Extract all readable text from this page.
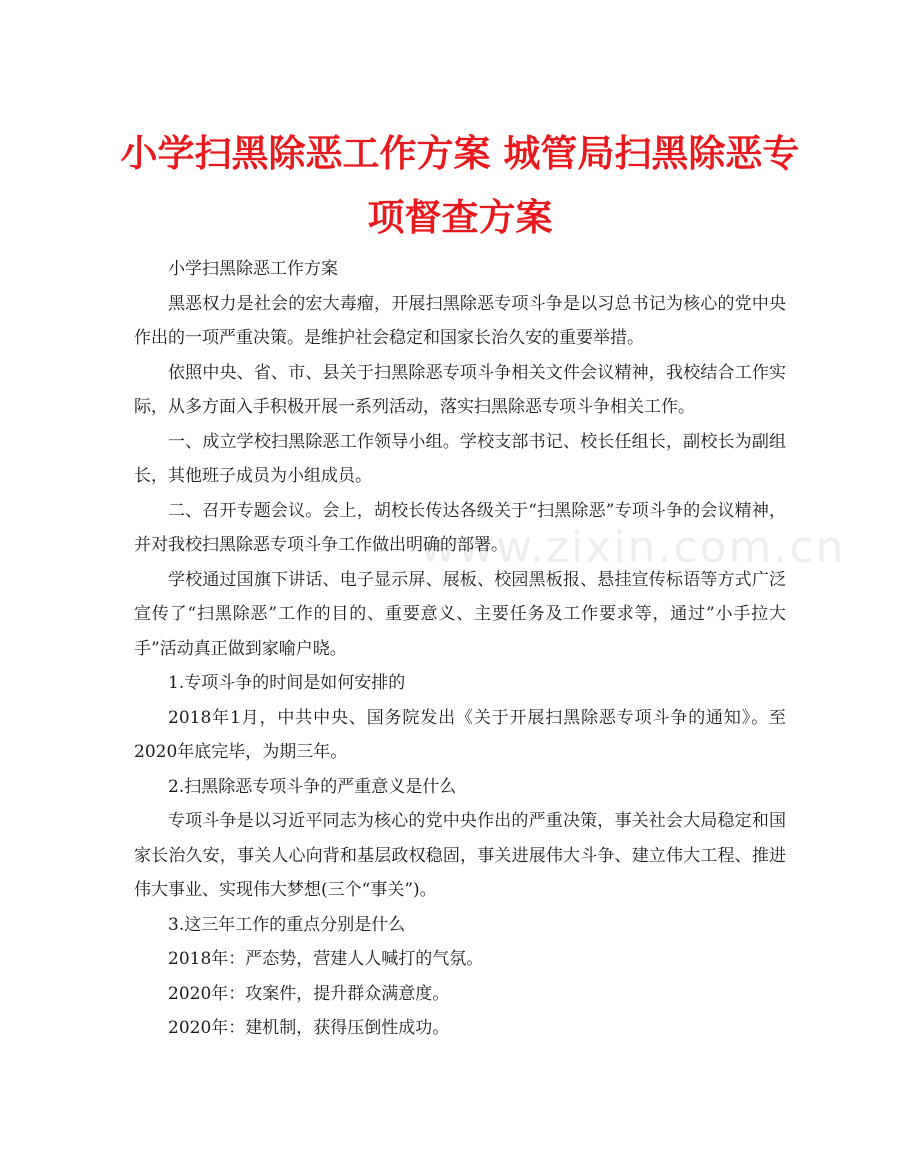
小学扫黑除恶工作方案 城管局扫黑除恶专
项督查方案
www.zixin.com.cn

小学扫黑除恶工作方案

黑恶权力是社会的宏大毒瘤，开展扫黑除恶专项斗争是以习总书记为核心的党中央作出的一项严重决策。是维护社会稳定和国家长治久安的重要举措。

依照中央、省、市、县关于扫黑除恶专项斗争相关文件会议精神，我校结合工作实际，从多方面入手积极开展一系列活动，落实扫黑除恶专项斗争相关工作。

一、成立学校扫黑除恶工作领导小组。学校支部书记、校长任组长，副校长为副组长，其他班子成员为小组成员。

二、召开专题会议。会上，胡校长传达各级关于“扫黑除恶”专项斗争的会议精神，并对我校扫黑除恶专项斗争工作做出明确的部署。

学校通过国旗下讲话、电子显示屏、展板、校园黑板报、悬挂宣传标语等方式广泛宣传了“扫黑除恶”工作的目的、重要意义、主要任务及工作要求等，通过”小手拉大手”活动真正做到家喻户晓。

1.专项斗争的时间是如何安排的

2018年1月，中共中央、国务院发出《关于开展扫黑除恶专项斗争的通知》。至2020年底完毕，为期三年。

2.扫黑除恶专项斗争的严重意义是什么

专项斗争是以习近平同志为核心的党中央作出的严重决策，事关社会大局稳定和国家长治久安，事关人心向背和基层政权稳固，事关进展伟大斗争、建立伟大工程、推进伟大事业、实现伟大梦想(三个“事关”)。

3.这三年工作的重点分别是什么

2018年：严态势，营建人人喊打的气氛。

2020年：攻案件，提升群众满意度。

2020年：建机制，获得压倒性成功。
